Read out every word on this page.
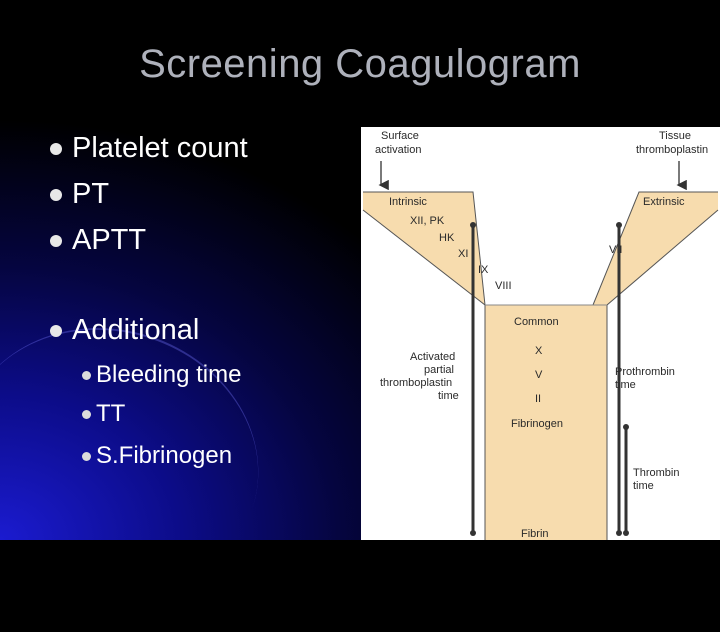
Screening Coagulogram
Platelet count
PT
APTT
Additional
Bleeding time
TT
S.Fibrinogen
Surface
activation
Tissue
thromboplastin
Intrinsic	Extrinsic
XII, PK
HK
XI
IX
VIII
VII
Common
X
V
II
Fibrinogen
Activated
partial
thromboplastin
time
Prothrombin
time
Thrombin
time
Fibrin
